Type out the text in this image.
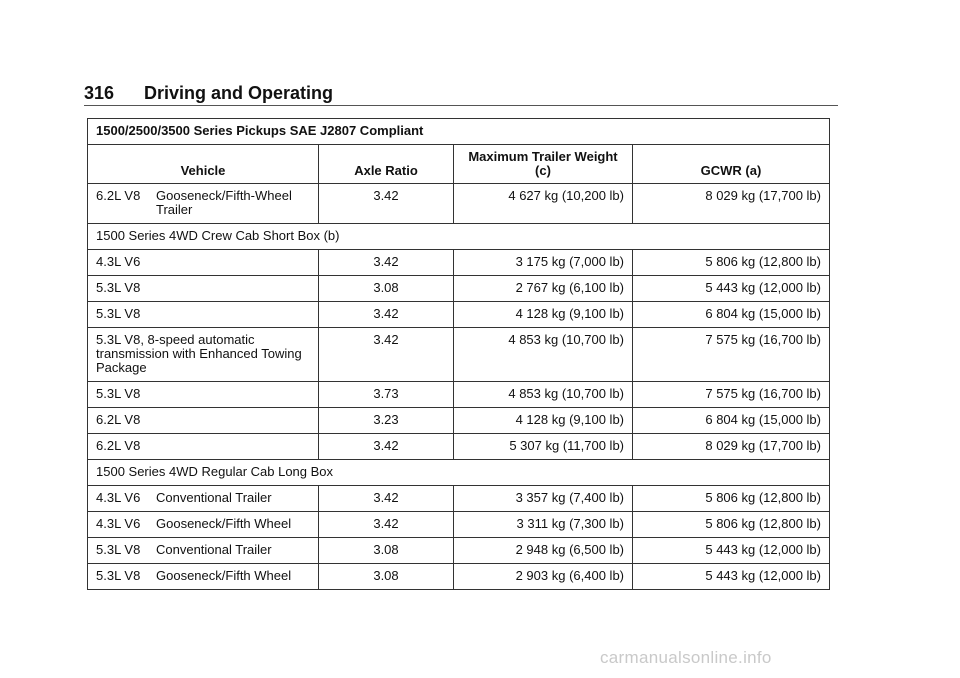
316 Driving and Operating
1500/2500/3500 Series Pickups SAE J2807 Compliant			
Vehicle	Axle Ratio	Maximum Trailer Weight (c)	GCWR (a)
6.2L V8 Gooseneck/Fifth-Wheel Trailer	3.42	4 627 kg (10,200 lb)	8 029 kg (17,700 lb)
1500 Series 4WD Crew Cab Short Box (b)			
4.3L V6	3.42	3 175 kg (7,000 lb)	5 806 kg (12,800 lb)
5.3L V8	3.08	2 767 kg (6,100 lb)	5 443 kg (12,000 lb)
5.3L V8	3.42	4 128 kg (9,100 lb)	6 804 kg (15,000 lb)
5.3L V8, 8-speed automatic transmission with Enhanced Towing Package	3.42	4 853 kg (10,700 lb)	7 575 kg (16,700 lb)
5.3L V8	3.73	4 853 kg (10,700 lb)	7 575 kg (16,700 lb)
6.2L V8	3.23	4 128 kg (9,100 lb)	6 804 kg (15,000 lb)
6.2L V8	3.42	5 307 kg (11,700 lb)	8 029 kg (17,700 lb)
1500 Series 4WD Regular Cab Long Box			
4.3L V6 Conventional Trailer	3.42	3 357 kg (7,400 lb)	5 806 kg (12,800 lb)
4.3L V6 Gooseneck/Fifth Wheel	3.42	3 311 kg (7,300 lb)	5 806 kg (12,800 lb)
5.3L V8 Conventional Trailer	3.08	2 948 kg (6,500 lb)	5 443 kg (12,000 lb)
5.3L V8 Gooseneck/Fifth Wheel	3.08	2 903 kg (6,400 lb)	5 443 kg (12,000 lb)
carmanualsonline.info
